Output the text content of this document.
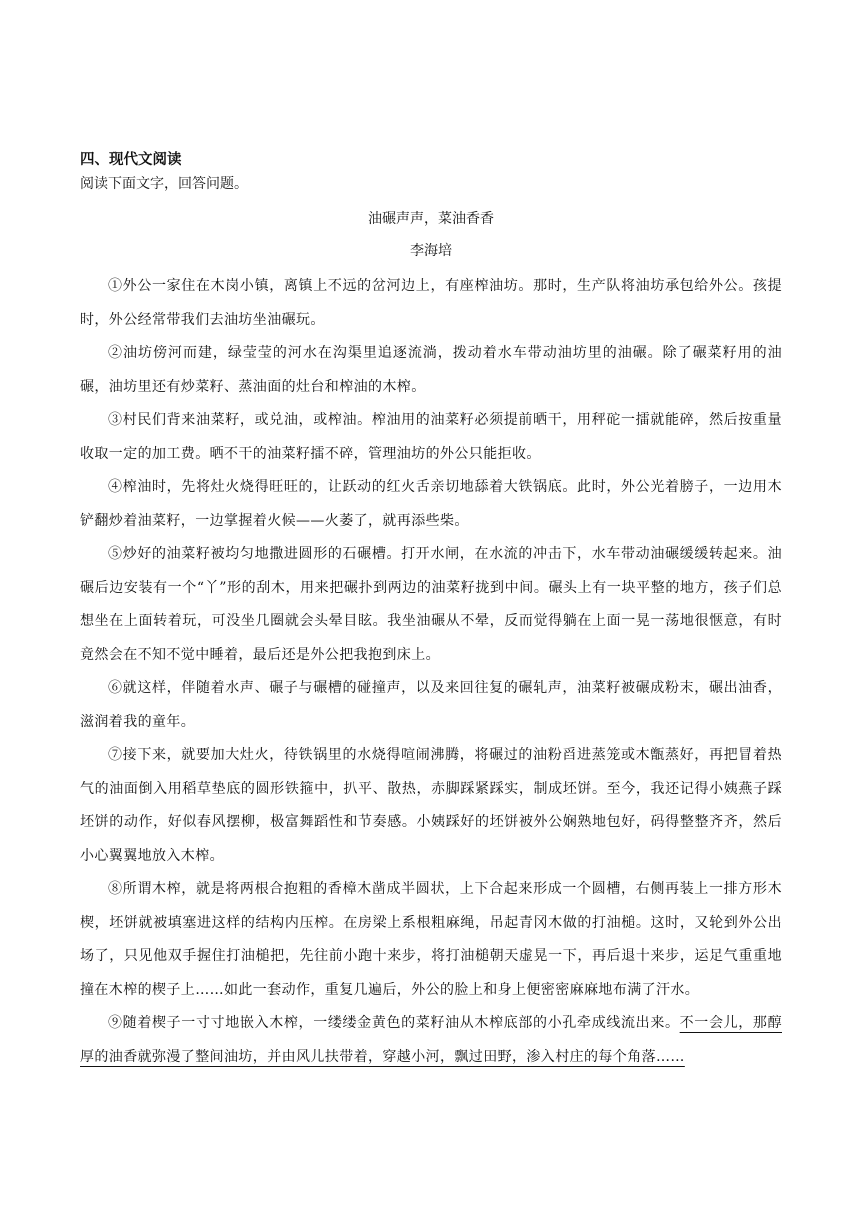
四、现代文阅读

阅读下面文字，回答问题。

油碾声声，菜油香香

李海培

①外公一家住在木岗小镇，离镇上不远的岔河边上，有座榨油坊。那时，生产队将油坊承包给外公。孩提时，外公经常带我们去油坊坐油碾玩。

②油坊傍河而建，绿莹莹的河水在沟渠里追逐流淌，拨动着水车带动油坊里的油碾。除了碾菜籽用的油碾，油坊里还有炒菜籽、蒸油面的灶台和榨油的木榨。

③村民们背来油菜籽，或兑油，或榨油。榨油用的油菜籽必须提前晒干，用秤砣一擂就能碎，然后按重量收取一定的加工费。晒不干的油菜籽擂不碎，管理油坊的外公只能拒收。

④榨油时，先将灶火烧得旺旺的，让跃动的红火舌亲切地舔着大铁锅底。此时，外公光着膀子，一边用木铲翻炒着油菜籽，一边掌握着火候——火萎了，就再添些柴。

⑤炒好的油菜籽被均匀地撒进圆形的石碾槽。打开水闸，在水流的冲击下，水车带动油碾缓缓转起来。油碾后边安装有一个“丫”形的刮木，用来把碾扑到两边的油菜籽拢到中间。碾头上有一块平整的地方，孩子们总想坐在上面转着玩，可没坐几圈就会头晕目眩。我坐油碾从不晕，反而觉得躺在上面一晃一荡地很惬意，有时竟然会在不知不觉中睡着，最后还是外公把我抱到床上。

⑥就这样，伴随着水声、碾子与碾槽的碰撞声，以及来回往复的碾轧声，油菜籽被碾成粉末，碾出油香，滋润着我的童年。

⑦接下来，就要加大灶火，待铁锅里的水烧得喧闹沸腾，将碾过的油粉舀进蒸笼或木甑蒸好，再把冒着热气的油面倒入用稻草垫底的圆形铁箍中，扒平、散热，赤脚踩紧踩实，制成坯饼。至今，我还记得小姨燕子踩坯饼的动作，好似春风摆柳，极富舞蹈性和节奏感。小姨踩好的坯饼被外公娴熟地包好，码得整整齐齐，然后小心翼翼地放入木榨。

⑧所谓木榨，就是将两根合抱粗的香樟木凿成半圆状，上下合起来形成一个圆槽，右侧再装上一排方形木楔，坯饼就被填塞进这样的结构内压榨。在房梁上系根粗麻绳，吊起青冈木做的打油槌。这时，又轮到外公出场了，只见他双手握住打油槌把，先往前小跑十来步，将打油槌朝天虚晃一下，再后退十来步，运足气重重地撞在木榨的楔子上……如此一套动作，重复几遍后，外公的脸上和身上便密密麻麻地布满了汗水。

⑨随着楔子一寸寸地嵌入木榨，一缕缕金黄色的菜籽油从木榨底部的小孔牵成线流出来。不一会儿，那醇厚的油香就弥漫了整间油坊，并由风儿扶带着，穿越小河，飘过田野，渗入村庄的每个角落……
